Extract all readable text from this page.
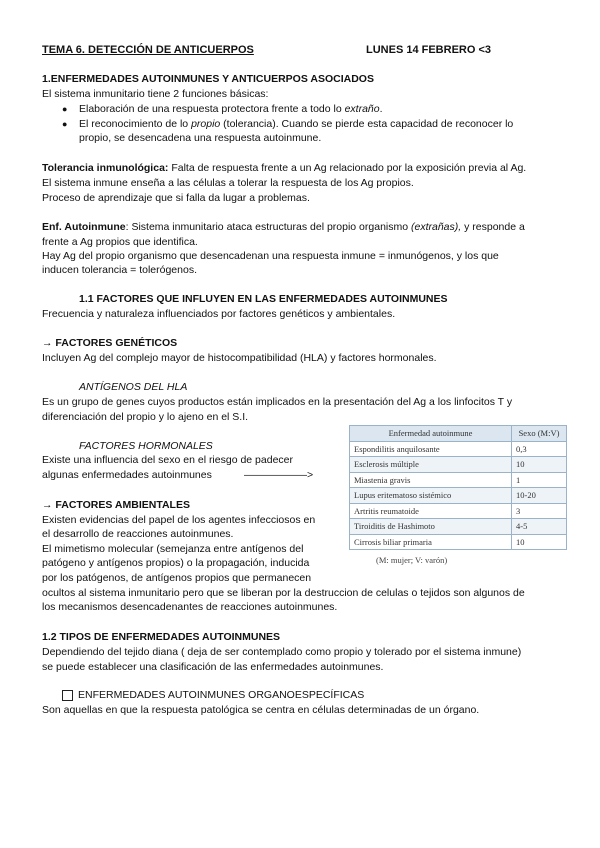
TEMA 6. DETECCIÓN DE ANTICUERPOS	LUNES 14 FEBRERO <3
1.ENFERMEDADES AUTOINMUNES Y ANTICUERPOS ASOCIADOS
El sistema inmunitario tiene 2 funciones básicas:
● Elaboración de una respuesta protectora frente a todo lo extraño.
● El reconocimiento de lo propio (tolerancia). Cuando se pierde esta capacidad de reconocer lo
propio, se desencadena una respuesta autoinmune.
Tolerancia inmunológica: Falta de respuesta frente a un Ag relacionado por la exposición previa al Ag.
El sistema inmune enseña a las células a tolerar la respuesta de los Ag propios.
Proceso de aprendizaje que si falla da lugar a problemas.
Enf. Autoinmune: Sistema inmunitario ataca estructuras del propio organismo (extrañas), y responde a
frente a Ag propios que identifica.
Hay Ag del propio organismo que desencadenan una respuesta inmune = inmunógenos, y los que
inducen tolerancia = tolerógenos.
1.1 FACTORES QUE INFLUYEN EN LAS ENFERMEDADES AUTOINMUNES
Frecuencia y naturaleza influenciados por factores genéticos y ambientales.
→ FACTORES GENÉTICOS
Incluyen Ag del complejo mayor de histocompatibilidad (HLA) y factores hormonales.
ANTÍGENOS DEL HLA
Es un grupo de genes cuyos productos están implicados en la presentación del Ag a los linfocitos T y
diferenciación del propio y lo ajeno en el S.I.
FACTORES HORMONALES
Existe una influencia del sexo en el riesgo de padecer
algunas enfermedades autoinmunes	——————>
→ FACTORES AMBIENTALES
Existen evidencias del papel de los agentes infecciosos en
el desarrollo de reacciones autoinmunes.
El mimetismo molecular (semejanza entre antígenos del
patógeno y antígenos propios) o la propagación, inducida
por los patógenos, de antígenos propios que permanecen
ocultos al sistema inmunitario pero que se liberan por la destruccion de celulas o tejidos son algunos de
los mecanismos desencadenantes de reacciones autoinmunes.
Enfermedad autoinmune	Sexo (M:V)
Espondilitis anquilosante	0,3
Esclerosis múltiple	10
Miastenia gravis	1
Lupus eritematoso sistémico	10-20
Artritis reumatoide	3
Tiroiditis de Hashimoto	4-5
Cirrosis biliar primaria	10
(M: mujer; V: varón)
1.2 TIPOS DE ENFERMEDADES AUTOINMUNES
Dependiendo del tejido diana ( deja de ser contemplado como propio y tolerado por el sistema inmune)
se puede establecer una clasificación de las enfermedades autoinmunes.
ENFERMEDADES AUTOINMUNES ORGANOESPECÍFICAS
Son aquellas en que la respuesta patológica se centra en células determinadas de un órgano.
